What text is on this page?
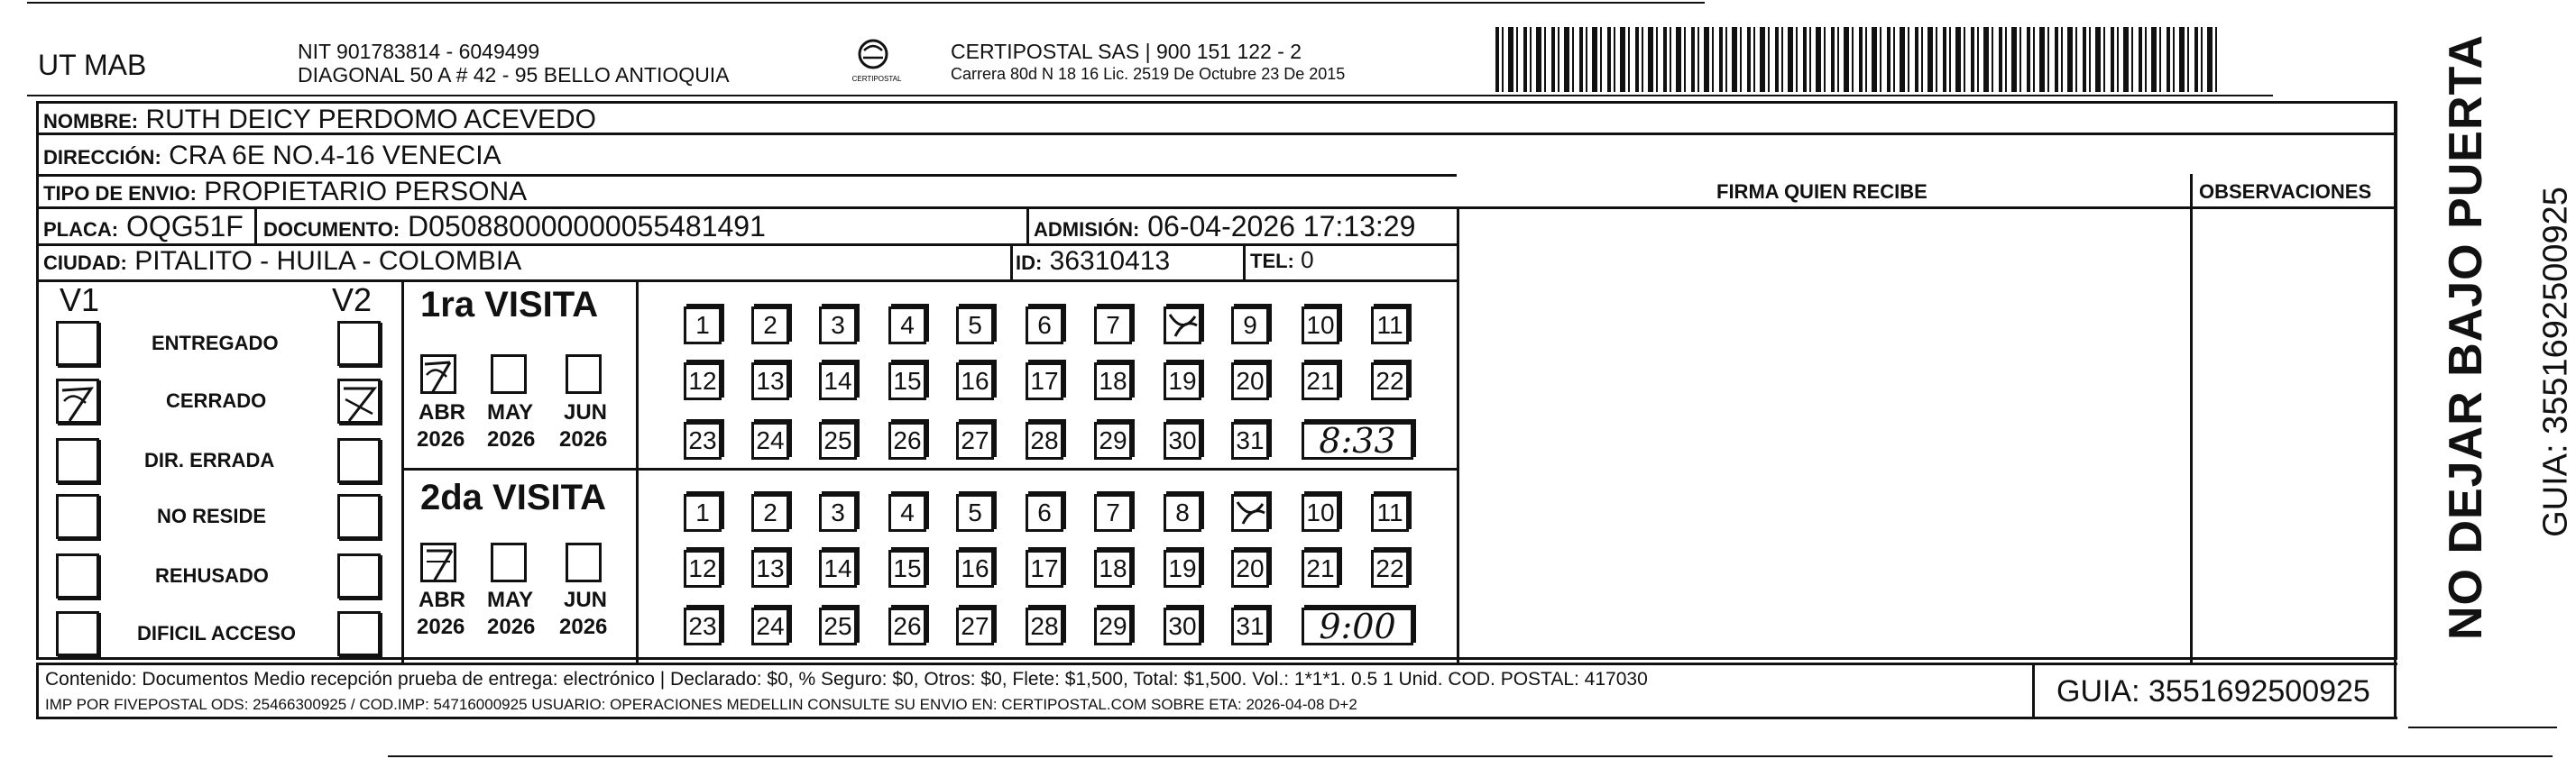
UT MAB	NIT 901783814 - 6049499
DIAGONAL 50 A # 42 - 95 BELLO ANTIOQUIA	CERTIPOSTAL
CERTIPOSTAL SAS | 900 151 122 - 2
Carrera 80d N 18 16 Lic. 2519 De Octubre 23 De 2015
NOMBRE: RUTH DEICY PERDOMO ACEVEDO
DIRECCIÓN: CRA 6E NO.4-16 VENECIA
TIPO DE ENVIO: PROPIETARIO PERSONA	FIRMA QUIEN RECIBE	OBSERVACIONES
PLACA: OQG51F DOCUMENTO: D050880000000055481491	ADMISIÓN: 06-04-2026 17:13:29
CIUDAD: PITALITO - HUILA - COLOMBIA	ID: 36310413	TEL: 0
V1	V2
ENTREGADO
CERRADO
DIR. ERRADA
NO RESIDE
REHUSADO
DIFICIL ACCESO
1ra VISITA
ABR MAY JUN
2026 2026 2026
2da VISITA
ABR MAY JUN
2026 2026 2026
1	2	3	4	5	6	7	9	10 11
12 13 14 15 16 17 18 19 20 21 22
23 24 25 26 27 28 29 30 31	8:33
1	2	3	4	5	6	7	8	10 11
12 13 14 15 16 17 18 19 20 21 22
23 24 25 26 27 28 29 30 31	9:00	NO DEJAR BAJO PUERTA GUIA: 3551692500925
Contenido: Documentos Medio recepción prueba de entrega: electrónico | Declarado: $0, % Seguro: $0, Otros: $0, Flete: $1,500, Total: $1,500. Vol.: 1*1*1. 0.5 1 Unid. COD. POSTAL: 417030
IMP POR FIVEPOSTAL ODS: 25466300925 / COD.IMP: 54716000925 USUARIO: OPERACIONES MEDELLIN CONSULTE SU ENVIO EN: CERTIPOSTAL.COM SOBRE ETA: 2026-04-08 D+2	GUIA: 3551692500925
